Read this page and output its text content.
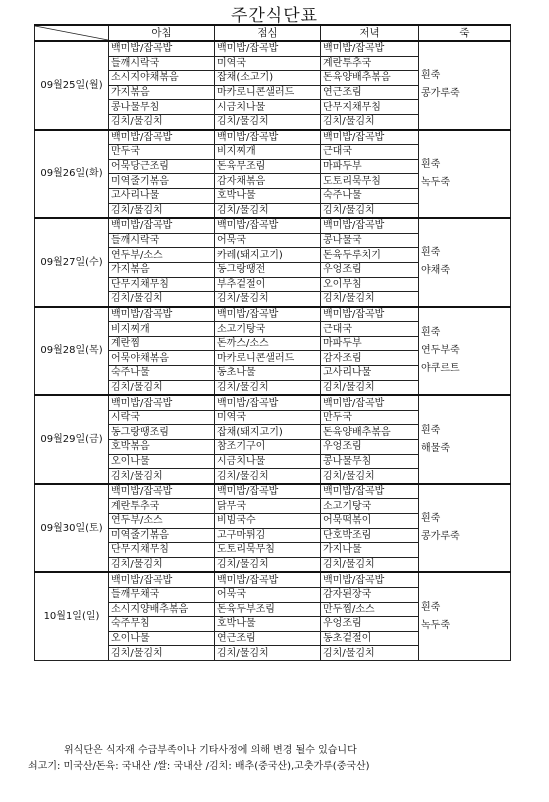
주간식단표
	아침	점심	저녁	죽
09월25일(월)	백미밥/잡곡밥	백미밥/잡곡밥	백미밥/잡곡밥	흰죽
콩가루죽

	들깨시락국	미역국	계란투추국	
	소시지야채볶음	잡채(소고기)	돈육양배추볶음	
	가지볶음	마카로니콘샐러드	연근조림	
	콩나물무침	시금치나물	단무지채무침	
	김치/물김치	김치/물김치	김치/물김치	
09월26일(화)	백미밥/잡곡밥	백미밥/잡곡밥	백미밥/잡곡밥	흰죽
녹두죽

	만두국	비지찌개	근대국	
	어묵당근조림	돈육무조림	마파두부	
	미역줄기볶음	감자채볶음	도토리묵무침	
	고사리나물	호박나물	숙주나물	
	김치/물김치	김치/물김치	김치/물김치	
09월27일(수)	백미밥/잡곡밥	백미밥/잡곡밥	백미밥/잡곡밥	흰죽
야채죽

	들깨시락국	어묵국	콩나물국	
	연두부/소스	카레(돼지고기)	돈육두루치기	
	가지볶음	동그랑땡전	우엉조림	
	단무지채무침	부추겉절이	오이무침	
	김치/물김치	김치/물김치	김치/물김치	
09월28일(목)	백미밥/잡곡밥	백미밥/잡곡밥	백미밥/잡곡밥	흰죽
연두부죽
야쿠르트

	비지찌개	소고기탕국	근대국	
	계란찜	돈까스/소스	마파두부	
	어묵야채볶음	마카로니콘샐러드	감자조림	
	숙주나물	동초나물	고사리나물	
	김치/물김치	김치/물김치	김치/물김치	
09월29일(금)	백미밥/잡곡밥	백미밥/잡곡밥	백미밥/잡곡밥	흰죽
해물죽

	시락국	미역국	만두국	
	동그랑땡조림	잡채(돼지고기)	돈육양배추볶음	
	호박볶음	참조기구이	우엉조림	
	오이나물	시금치나물	콩나물무침	
	김치/물김치	김치/물김치	김치/물김치	
09월30일(토)	백미밥/잡곡밥	백미밥/잡곡밥	백미밥/잡곡밥	흰죽
콩가루죽

	계란투추국	닭무국	소고기탕국	
	연두부/소스	비빔국수	어묵떡볶이	
	미역줄기볶음	고구마튀김	단호박조림	
	단무지채무침	도토리묵무침	가지나물	
	김치/물김치	김치/물김치	김치/물김치	
10월1일(일)	백미밥/잡곡밥	백미밥/잡곡밥	백미밥/잡곡밥	흰죽
녹두죽

	들깨무채국	어묵국	감자된장국	
	소시지양배추볶음	돈육두부조림	만두찜/소스	
	숙주무침	호박나물	우엉조림	
	오이나물	연근조림	동초겉절이	
	김치/물김치	김치/물김치	김치/물김치	
위식단은 식자재 수급부족이나 기타사정에 의해 변경 될수 있습니다
쇠고기: 미국산/돈육: 국내산 /쌀: 국내산 /김치: 배추(중국산),고춧가루(중국산)
